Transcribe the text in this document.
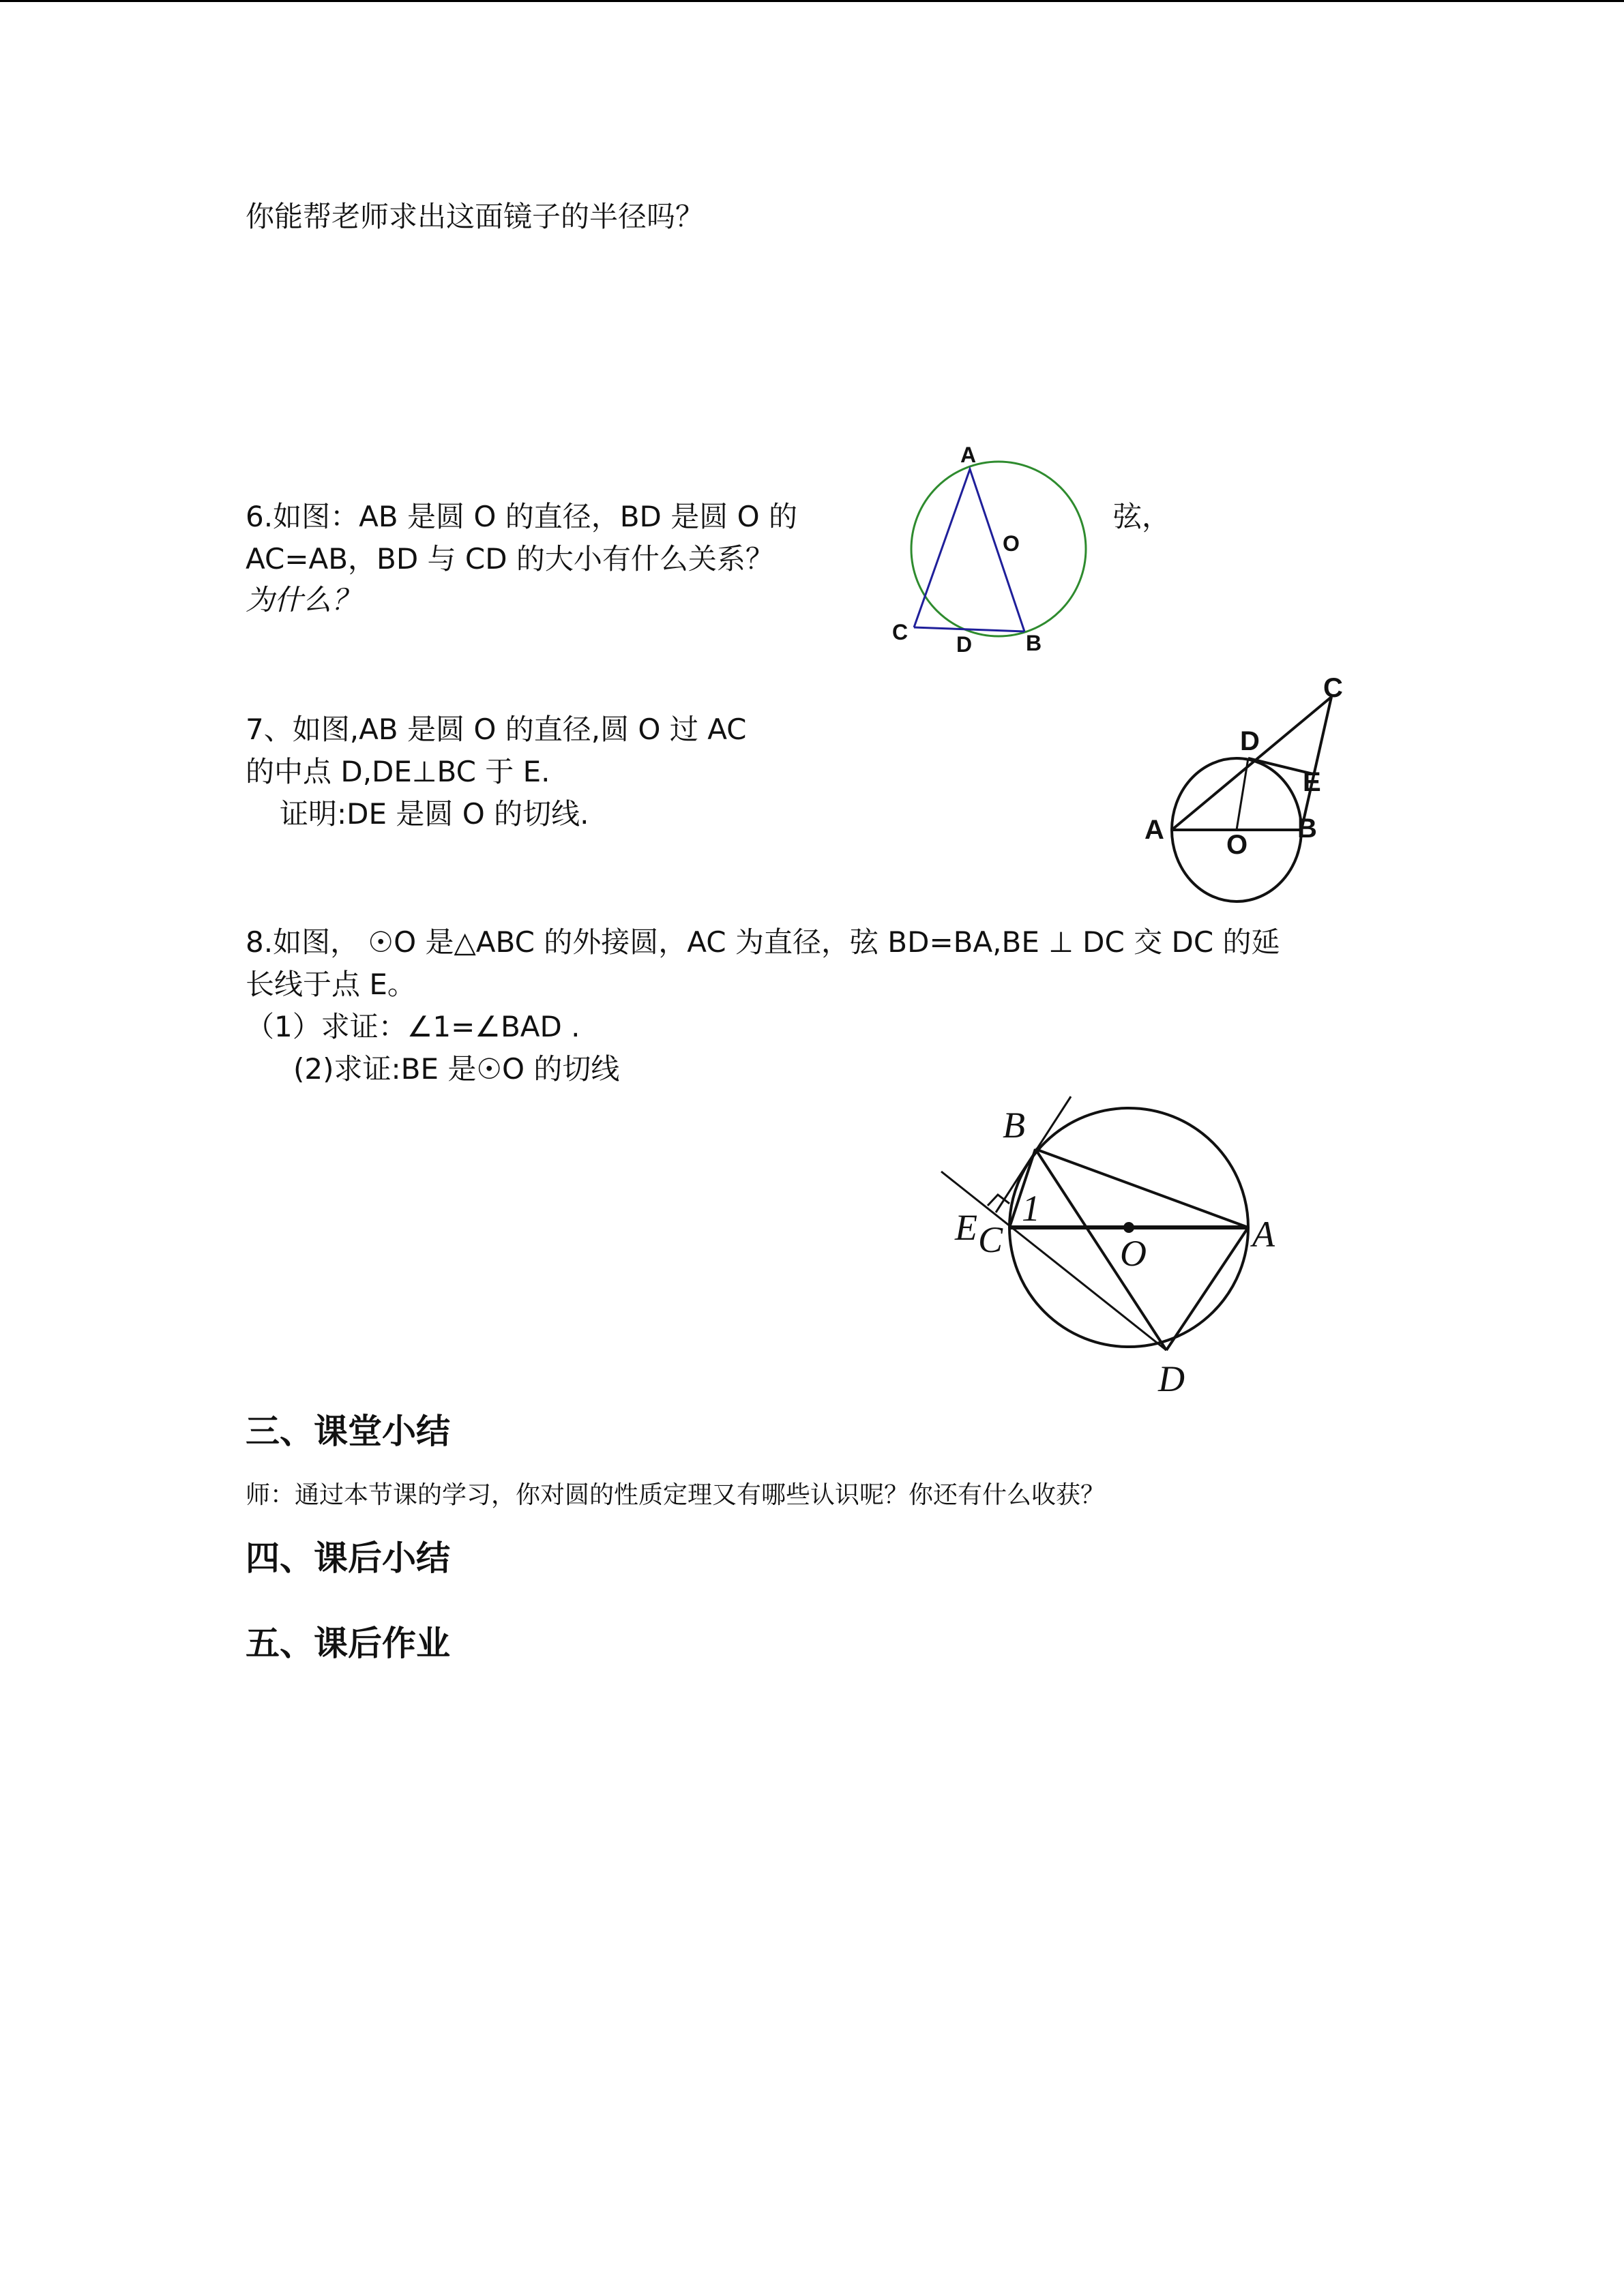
你能帮老师求出这面镜子的半径吗？
6.如图：AB 是圆 O 的直径，BD 是圆 O 的	弦，
AC=AB，BD 与 CD 的大小有什么关系？
为什么？
A
O
C D B
7、如图,AB 是圆 O 的直径,圆 O 过 AC
的中点 D,DE⊥BC 于 E.
证明:DE 是圆 O 的切线.
C
D
E
A O
B
8.如图， ☉O 是△ABC 的外接圆，AC 为直径，弦 BD=BA,BE ⊥ DC 交 DC 的延
长线于点 E。
（1）求证：∠1=∠BAD .
(2)求证:BE 是☉O 的切线
B
E C
1
O	A
D
三、课堂小结
师：通过本节课的学习，你对圆的性质定理又有哪些认识呢？你还有什么收获？
四、课后小结
五、课后作业
